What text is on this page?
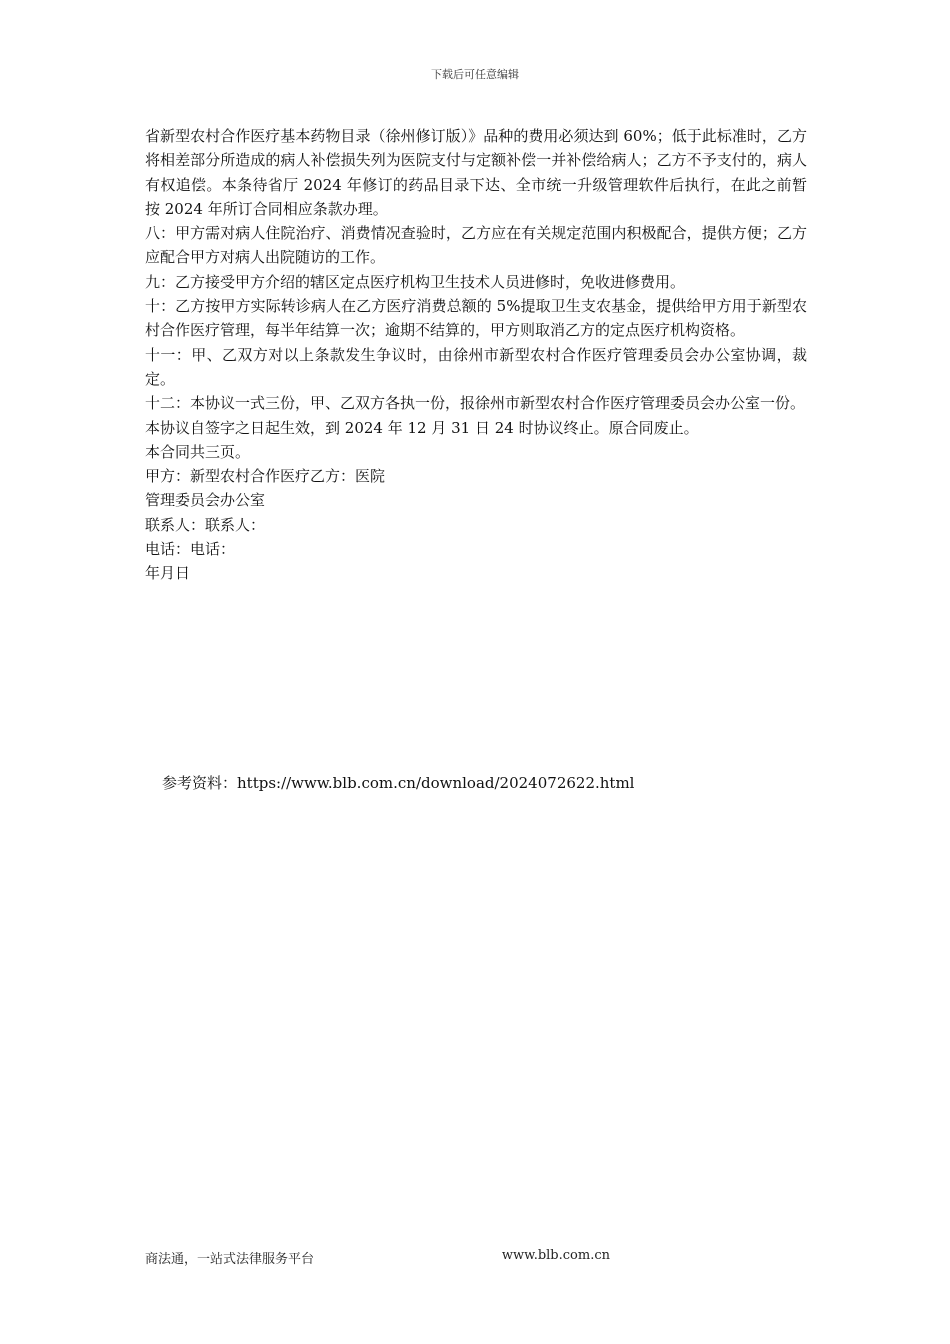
下载后可任意编辑

省新型农村合作医疗基本药物目录（徐州修订版）》品种的费用必须达到 60%；低于此标准时，乙方将相差部分所造成的病人补偿损失列为医院支付与定额补偿一并补偿给病人；乙方不予支付的，病人有权追偿。本条待省厅 2024 年修订的药品目录下达、全市统一升级管理软件后执行，在此之前暂按 2024 年所订合同相应条款办理。

八：甲方需对病人住院治疗、消费情况查验时，乙方应在有关规定范围内积极配合，提供方便；乙方应配合甲方对病人出院随访的工作。

九：乙方接受甲方介绍的辖区定点医疗机构卫生技术人员进修时，免收进修费用。

十：乙方按甲方实际转诊病人在乙方医疗消费总额的 5%提取卫生支农基金，提供给甲方用于新型农村合作医疗管理，每半年结算一次；逾期不结算的，甲方则取消乙方的定点医疗机构资格。

十一：甲、乙双方对以上条款发生争议时，由徐州市新型农村合作医疗管理委员会办公室协调，裁定。

十二：本协议一式三份，甲、乙双方各执一份，报徐州市新型农村合作医疗管理委员会办公室一份。

本协议自签字之日起生效，到 2024 年 12 月 31 日 24 时协议终止。原合同废止。

本合同共三页。

甲方：新型农村合作医疗乙方：医院

管理委员会办公室

联系人：联系人：

电话：电话：

年月日

参考资料：https://www.blb.com.cn/download/2024072622.html
商法通，一站式法律服务平台	www.blb.com.cn
